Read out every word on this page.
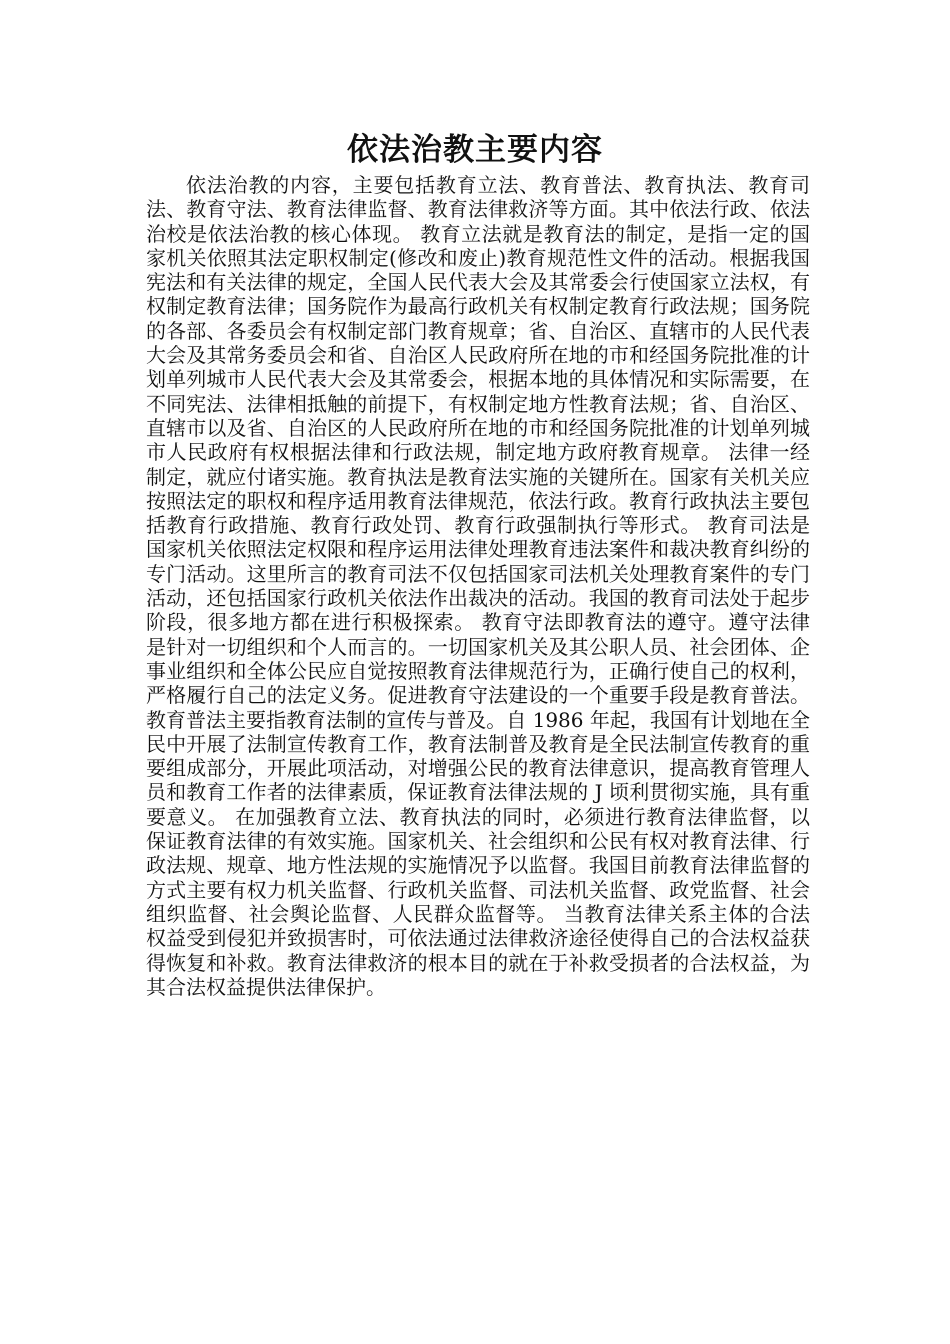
依法治教主要内容

依法治教的内容，主要包括教育立法、教育普法、教育执法、教育司法、教育守法、教育法律监督、教育法律救济等方面。其中依法行政、依法治校是依法治教的核心体现。 教育立法就是教育法的制定，是指一定的国家机关依照其法定职权制定(修改和废止)教育规范性文件的活动。根据我国宪法和有关法律的规定，全国人民代表大会及其常委会行使国家立法权，有权制定教育法律；国务院作为最高行政机关有权制定教育行政法规；国务院的各部、各委员会有权制定部门教育规章；省、自治区、直辖市的人民代表大会及其常务委员会和省、自治区人民政府所在地的市和经国务院批准的计划单列城市人民代表大会及其常委会，根据本地的具体情况和实际需要，在不同宪法、法律相抵触的前提下，有权制定地方性教育法规；省、自治区、直辖市以及省、自治区的人民政府所在地的市和经国务院批准的计划单列城市人民政府有权根据法律和行政法规，制定地方政府教育规章。 法律一经制定，就应付诸实施。教育执法是教育法实施的关键所在。国家有关机关应按照法定的职权和程序适用教育法律规范，依法行政。教育行政执法主要包括教育行政措施、教育行政处罚、教育行政强制执行等形式。 教育司法是国家机关依照法定权限和程序运用法律处理教育违法案件和裁决教育纠纷的专门活动。这里所言的教育司法不仅包括国家司法机关处理教育案件的专门活动，还包括国家行政机关依法作出裁决的活动。我国的教育司法处于起步阶段，很多地方都在进行积极探索。 教育守法即教育法的遵守。遵守法律是针对一切组织和个人而言的。一切国家机关及其公职人员、社会团体、企事业组织和全体公民应自觉按照教育法律规范行为，正确行使自己的权利，严格履行自己的法定义务。促进教育守法建设的一个重要手段是教育普法。教育普法主要指教育法制的宣传与普及。自 1986 年起，我国有计划地在全民中开展了法制宣传教育工作，教育法制普及教育是全民法制宣传教育的重要组成部分，开展此项活动，对增强公民的教育法律意识，提高教育管理人员和教育工作者的法律素质，保证教育法律法规的 J 顷利贯彻实施，具有重要意义。 在加强教育立法、教育执法的同时，必须进行教育法律监督，以保证教育法律的有效实施。国家机关、社会组织和公民有权对教育法律、行政法规、规章、地方性法规的实施情况予以监督。我国目前教育法律监督的方式主要有权力机关监督、行政机关监督、司法机关监督、政党监督、社会组织监督、社会舆论监督、人民群众监督等。 当教育法律关系主体的合法权益受到侵犯并致损害时，可依法通过法律救济途径使得自己的合法权益获得恢复和补救。教育法律救济的根本目的就在于补救受损者的合法权益，为其合法权益提供法律保护。
